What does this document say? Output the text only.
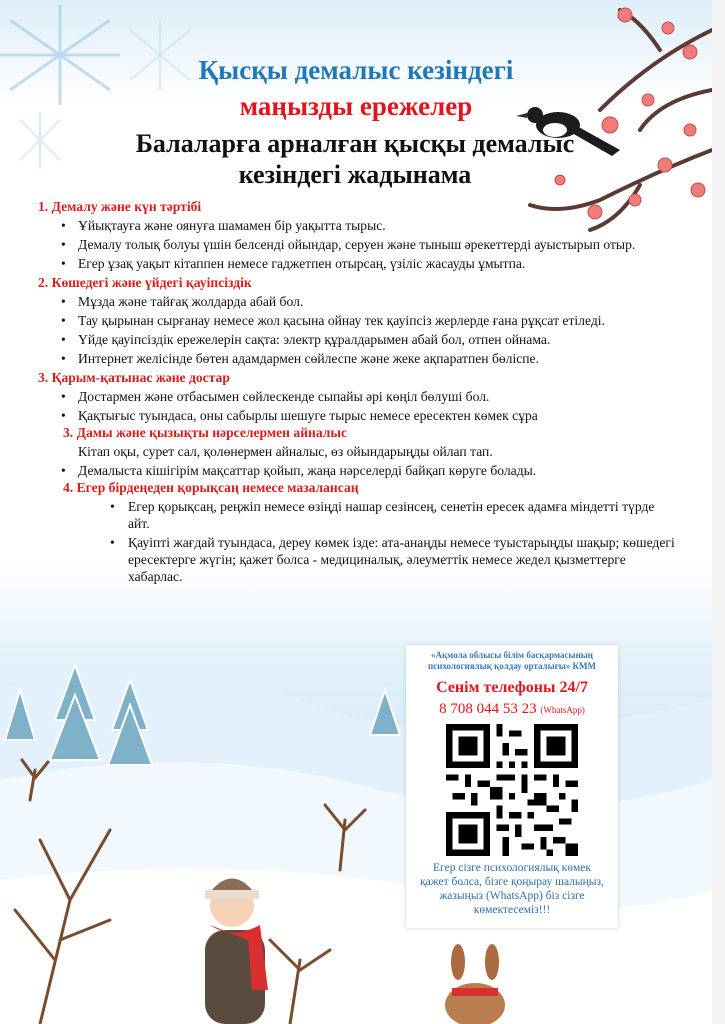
Қысқы демалыс кезіндегі
маңызды ережелер
Балаларға арналған қысқы демалыс кезіндегі жадынама
1. Демалу және күн тәртібі
• Ұйықтауға және оянуға шамамен бір уақытта тырыс.
• Демалу толық болуы үшін белсенді ойындар, серуен және тыныш әрекеттерді ауыстырып отыр.
• Егер ұзақ уақыт кітаппен немесе гаджетпен отырсаң, үзіліс жасауды ұмытпа.
2. Көшедегі және үйдегі қауіпсіздік
• Мұзда және тайғақ жолдарда абай бол.
• Тау қырынан сырғанау немесе жол қасына ойнау тек қауіпсіз жерлерде ғана рұқсат етіледі.
• Үйде қауіпсіздік ережелерін сақта: электр құралдарымен абай бол, отпен ойнама.
• Интернет желісінде бөтен адамдармен сөйлеспе және жеке ақпаратпен бөліспе.
3. Қарым-қатынас және достар
• Достармен және отбасымен сөйлескенде сыпайы әрі көңіл бөлуші бол.
• Қақтығыс туындаса, оны сабырлы шешуге тырыс немесе ересектен көмек сұра
3. Дамы және қызықты нәрселермен айналыс
Кітап оқы, сурет сал, қолөнермен айналыс, өз ойындарыңды ойлап тап.
• Демалыста кішігірім мақсаттар қойып, жаңа нәрселерді байқап көруге болады.
4. Егер бірдеңеден қорықсаң немесе мазалансаң
• Егер қорықсаң, реңжіп немесе өзіңді нашар сезінсең, сенетін ересек адамға міндетті түрде айт.
• Қауіпті жағдай туындаса, дереу көмек ізде: ата-анаңды немесе туыстарыңды шақыр; көшедегі ересектерге жүгін; қажет болса - медициналық, әлеуметтік немесе жедел қызметтерге хабарлас.
«Ақмола облысы білім басқармасының психологиялық қолдау орталығы» КММ
Сенім телефоны 24/7
8 708 044 53 23 (WhatsApp)
Егер сізге психологиялық көмек қажет болса, бізге қоңырау шалыңыз, жазыңыз (WhatsApp) біз сізге көмектесеміз!!!
